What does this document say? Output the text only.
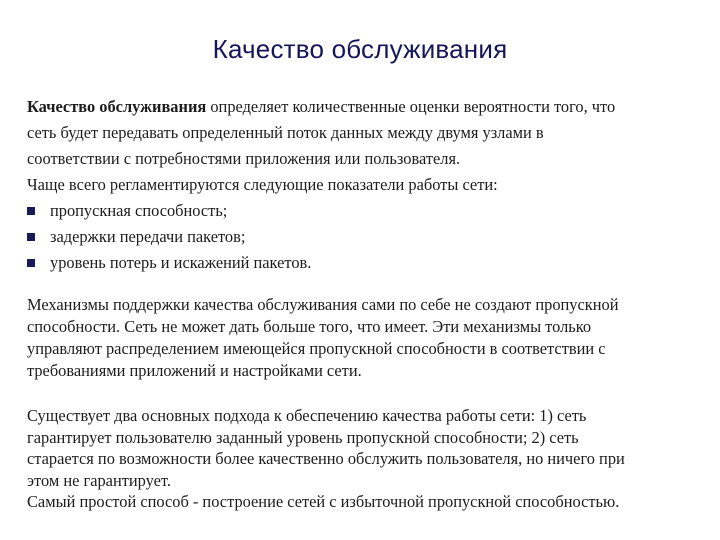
Качество обслуживания
Качество обслуживания определяет количественные оценки вероятности того, что
сеть будет передавать определенный поток данных между двумя узлами в
соответствии с потребностями приложения или пользователя.
Чаще всего регламентируются следующие показатели работы сети:
пропускная способность;
задержки передачи пакетов;
уровень потерь и искажений пакетов.
Механизмы поддержки качества обслуживания сами по себе не создают пропускной
способности. Сеть не может дать больше того, что имеет. Эти механизмы только
управляют распределением имеющейся пропускной способности в соответствии с
требованиями приложений и настройками сети.
Существует два основных подхода к обеспечению качества работы сети: 1) сеть
гарантирует пользователю заданный уровень пропускной способности; 2) сеть
старается по возможности более качественно обслужить пользователя, но ничего при
этом не гарантирует.
Самый простой способ - построение сетей с избыточной пропускной способностью.
